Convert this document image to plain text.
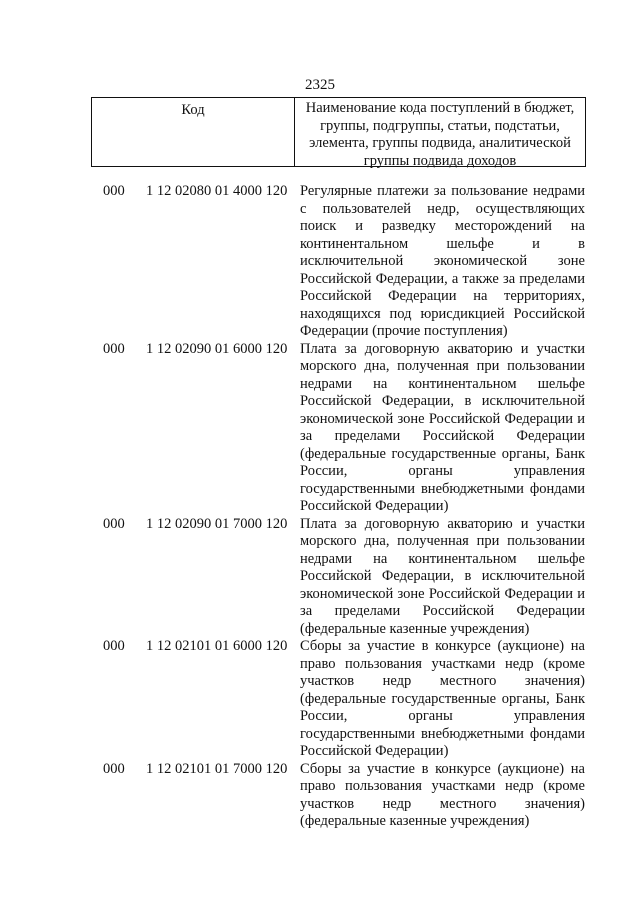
2325
Код	Наименование кода поступлений в бюджет, группы, подгруппы, статьи, подстатьи, элемента, группы подвида, аналитической группы подвида доходов
000 1 12 02080 01 4000 120 Регулярные платежи за пользование недрами с пользователей недр, осуществляющих поиск и разведку месторождений на континентальном шельфе и в исключительной экономической зоне Российской Федерации, а также за пределами Российской Федерации на территориях, находящихся под юрисдикцией Российской Федерации (прочие поступления)
000 1 12 02090 01 6000 120 Плата за договорную акваторию и участки морского дна, полученная при пользовании недрами на континентальном шельфе Российской Федерации, в исключительной экономической зоне Российской Федерации и за пределами Российской Федерации (федеральные государственные органы, Банк России, органы управления государственными внебюджетными фондами Российской Федерации)
000 1 12 02090 01 7000 120 Плата за договорную акваторию и участки морского дна, полученная при пользовании недрами на континентальном шельфе Российской Федерации, в исключительной экономической зоне Российской Федерации и за пределами Российской Федерации (федеральные казенные учреждения)
000 1 12 02101 01 6000 120 Сборы за участие в конкурсе (аукционе) на право пользования участками недр (кроме участков недр местного значения) (федеральные государственные органы, Банк России, органы управления государственными внебюджетными фондами Российской Федерации)
000 1 12 02101 01 7000 120 Сборы за участие в конкурсе (аукционе) на право пользования участками недр (кроме участков недр местного значения) (федеральные казенные учреждения)
